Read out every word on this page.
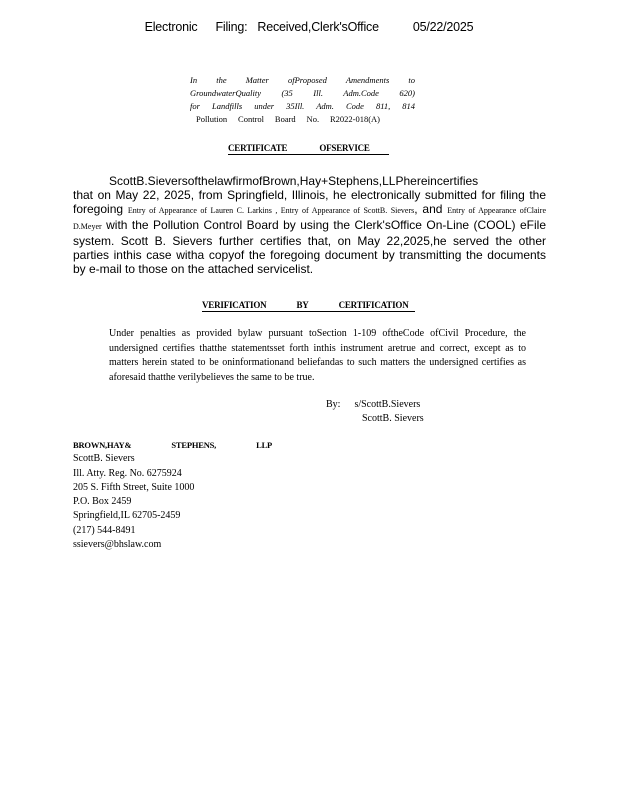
Electronic Filing: Received,Clerk'sOffice	05/22/2025
In the Matter ofProposed Amendments to
GroundwaterQuality (35 Ill. Adm.Code 620)
for Landfills under 35Ill. Adm. Code 811, 814
Pollution Control Board No. R2022-018(A)
CERTIFICATE	OFSERVICE
ScottB.SieversofthelawfirmofBrown,Hay+Stephens,LLPhereincertifies
that on May 22, 2025, from Springfield, Illinois, he electronically submitted for filing the foregoing Entry of Appearance of Lauren C. Larkins , Entry of Appearance of ScottB. Sievers, and Entry of Appearance ofClaire D.Meyer with the Pollution Control Board by using the Clerk'sOffice On-Line (COOL) eFile system. Scott B. Sievers further certifies that, on May 22,2025,he served the other parties inthis case witha copyof the foregoing document by transmitting the documents by e-mail to those on the attached servicelist.
VERIFICATION	BY	CERTIFICATION
Under penalties as provided bylaw pursuant toSection 1-109 oftheCode ofCivil Procedure, the undersigned certifies thatthe statementsset forth inthis instrument aretrue and correct, except as to matters herein stated to be oninformationand beliefandas to such matters the undersigned certifies as aforesaid thatthe verilybelieves the same to be true.
By: s/ScottB.Sievers
ScottB. Sievers
BROWN,HAY&	STEPHENS,	LLP
ScottB. Sievers
Ill. Atty. Reg. No. 6275924
205 S. Fifth Street, Suite 1000
P.O. Box 2459
Springfield,IL 62705-2459
(217) 544-8491
ssievers@bhslaw.com
